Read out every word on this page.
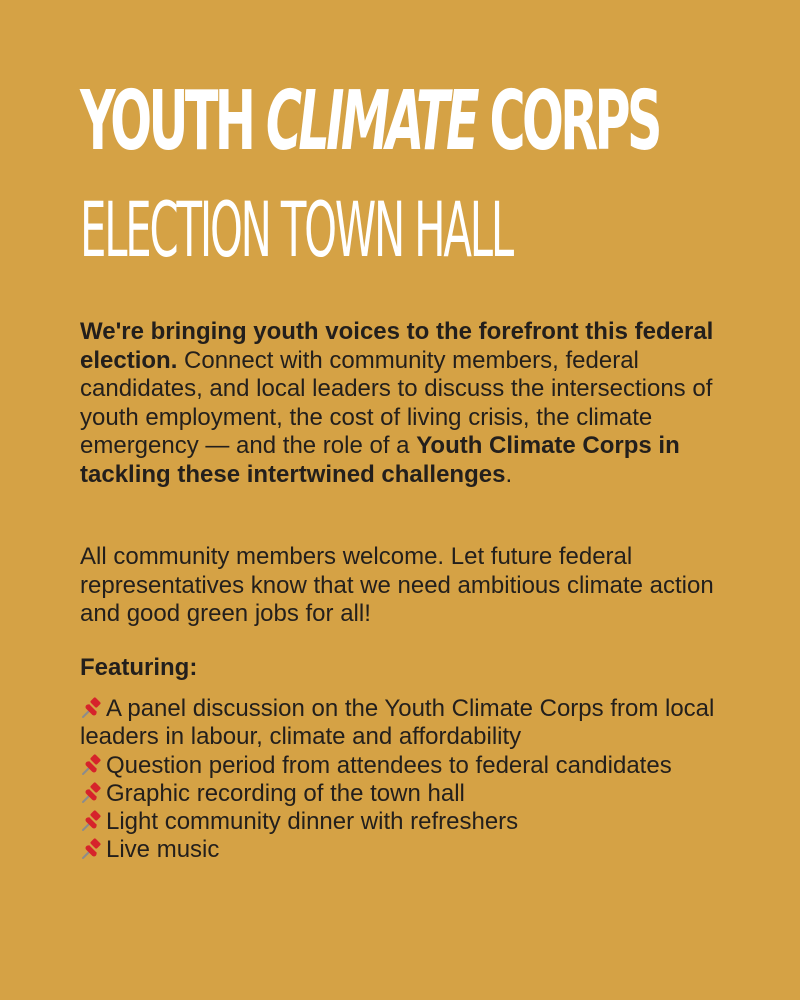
YOUTH CLIMATE CORPS
ELECTION TOWN HALL

We're bringing youth voices to the forefront this federal election. Connect with community members, federal candidates, and local leaders to discuss the intersections of youth employment, the cost of living crisis, the climate emergency — and the role of a Youth Climate Corps in tackling these intertwined challenges.

All community members welcome. Let future federal representatives know that we need ambitious climate action and good green jobs for all!

Featuring:
A panel discussion on the Youth Climate Corps from local leaders in labour, climate and affordability
Question period from attendees to federal candidates
Graphic recording of the town hall
Light community dinner with refreshers
Live music
